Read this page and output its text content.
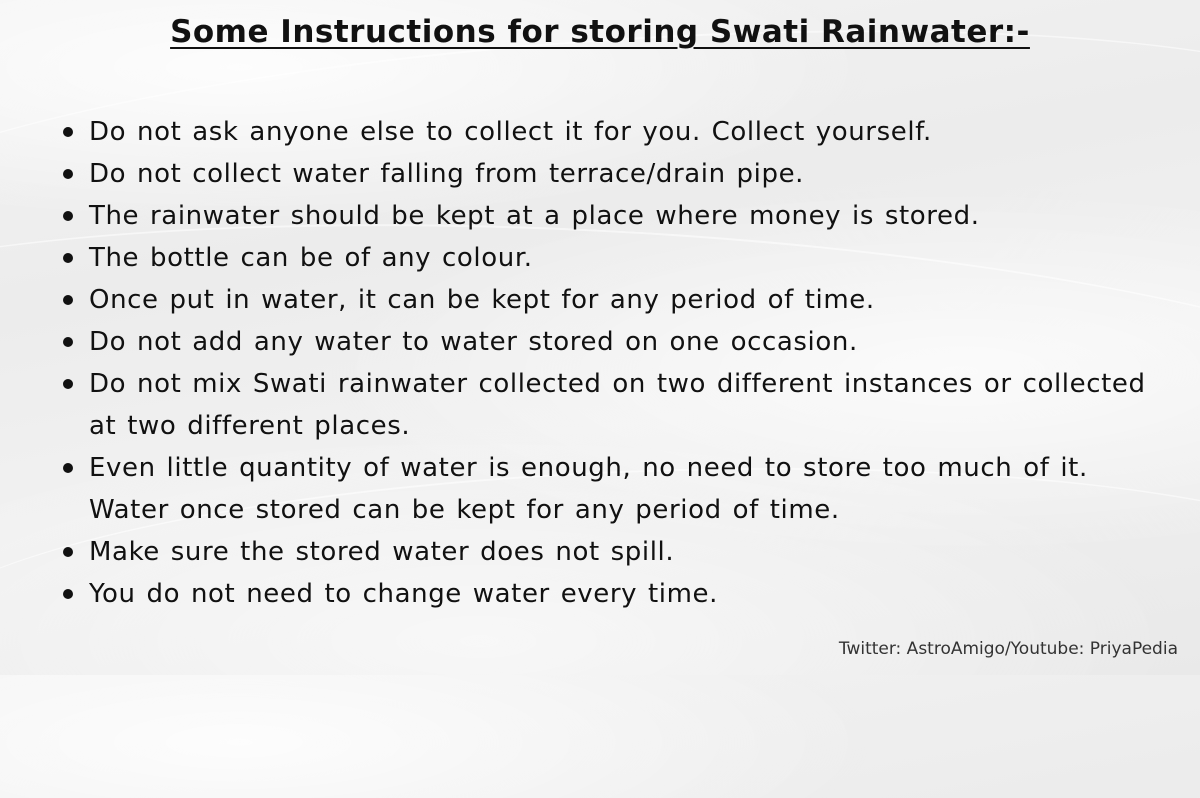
Some Instructions for storing Swati Rainwater:-
Do not ask anyone else to collect it for you. Collect yourself.
Do not collect water falling from terrace/drain pipe.
The rainwater should be kept at a place where money is stored.
The bottle can be of any colour.
Once put in water, it can be kept for any period of time.
Do not add any water to water stored on one occasion.
Do not mix Swati rainwater collected on two different instances or collected at two different places.
Even little quantity of water is enough, no need to store too much of it. Water once stored can be kept for any period of time.
Make sure the stored water does not spill.
You do not need to change water every time.
Twitter: AstroAmigo/Youtube: PriyaPedia
